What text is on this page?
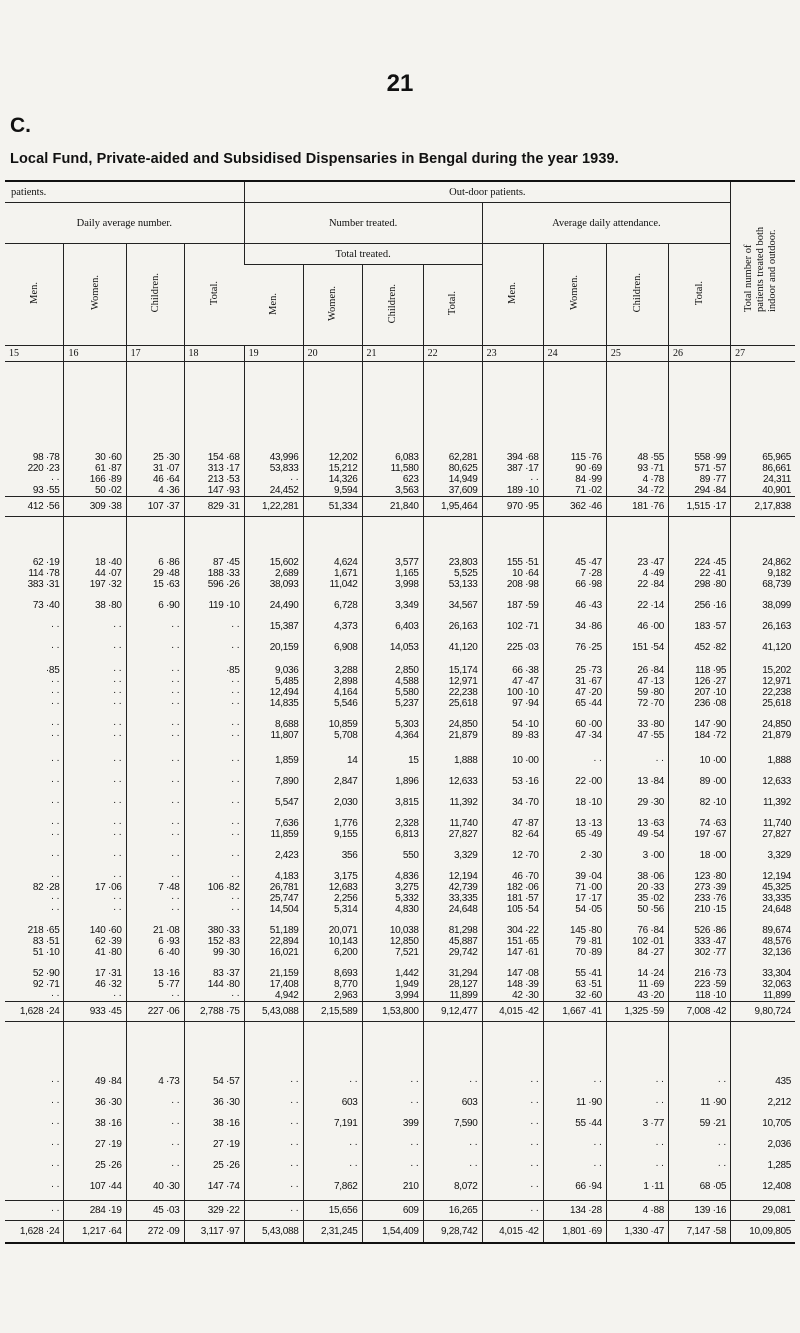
21
C.
Local Fund, Private-aided and Subsidised Dispensaries in Bengal during the year 1939.
patients.				Out-door patients.								Total number of patients treated both indoor and outdoor.
Daily average number.				Number treated.				Average daily attendance.				
Men.	Women.	Children.	Total.	Total treated.				Men.	Women.	Children.	Total.	
				Men.	Women.	Children.	Total.					
15	16	17	18	19	20	21	22	23	24	25	26	27

98 ·78	30 ·60	25 ·30	154 ·68	43,996	12,202	6,083	62,281	394 ·68	115 ·76	48 ·55	558 ·99	65,965
220 ·23	61 ·87	31 ·07	313 ·17	53,833	15,212	11,580	80,625	387 ·17	90 ·69	93 ·71	571 ·57	86,661
· ·	166 ·89	46 ·64	213 ·53	· ·	14,326	623	14,949	· ·	84 ·99	4 ·78	89 ·77	24,311
93 ·55	50 ·02	4 ·36	147 ·93	24,452	9,594	3,563	37,609	189 ·10	71 ·02	34 ·72	294 ·84	40,901
412 ·56	309 ·38	107 ·37	829 ·31	1,22,281	51,334	21,840	1,95,464	970 ·95	362 ·46	181 ·76	1,515 ·17	2,17,838

62 ·19	18 ·40	6 ·86	87 ·45	15,602	4,624	3,577	23,803	155 ·51	45 ·47	23 ·47	224 ·45	24,862
114 ·78	44 ·07	29 ·48	188 ·33	2,689	1,671	1,165	5,525	10 ·64	7 ·28	4 ·49	22 ·41	9,182
383 ·31	197 ·32	15 ·63	596 ·26	38,093	11,042	3,998	53,133	208 ·98	66 ·98	22 ·84	298 ·80	68,739

73 ·40	38 ·80	6 ·90	119 ·10	24,490	6,728	3,349	34,567	187 ·59	46 ·43	22 ·14	256 ·16	38,099

· ·	· ·	· ·	· ·	15,387	4,373	6,403	26,163	102 ·71	34 ·86	46 ·00	183 ·57	26,163

· ·	· ·	· ·	· ·	20,159	6,908	14,053	41,120	225 ·03	76 ·25	151 ·54	452 ·82	41,120

·85	· ·	· ·	·85	9,036	3,288	2,850	15,174	66 ·38	25 ·73	26 ·84	118 ·95	15,202
· ·	· ·	· ·	· ·	5,485	2,898	4,588	12,971	47 ·47	31 ·67	47 ·13	126 ·27	12,971
· ·	· ·	· ·	· ·	12,494	4,164	5,580	22,238	100 ·10	47 ·20	59 ·80	207 ·10	22,238
· ·	· ·	· ·	· ·	14,835	5,546	5,237	25,618	97 ·94	65 ·44	72 ·70	236 ·08	25,618

· ·	· ·	· ·	· ·	8,688	10,859	5,303	24,850	54 ·10	60 ·00	33 ·80	147 ·90	24,850
· ·	· ·	· ·	· ·	11,807	5,708	4,364	21,879	89 ·83	47 ·34	47 ·55	184 ·72	21,879

· ·	· ·	· ·	· ·	1,859	14	15	1,888	10 ·00	· ·	· ·	10 ·00	1,888

· ·	· ·	· ·	· ·	7,890	2,847	1,896	12,633	53 ·16	22 ·00	13 ·84	89 ·00	12,633

· ·	· ·	· ·	· ·	5,547	2,030	3,815	11,392	34 ·70	18 ·10	29 ·30	82 ·10	11,392

· ·	· ·	· ·	· ·	7,636	1,776	2,328	11,740	47 ·87	13 ·13	13 ·63	74 ·63	11,740
· ·	· ·	· ·	· ·	11,859	9,155	6,813	27,827	82 ·64	65 ·49	49 ·54	197 ·67	27,827

· ·	· ·	· ·	· ·	2,423	356	550	3,329	12 ·70	2 ·30	3 ·00	18 ·00	3,329

· ·	· ·	· ·	· ·	4,183	3,175	4,836	12,194	46 ·70	39 ·04	38 ·06	123 ·80	12,194
82 ·28	17 ·06	7 ·48	106 ·82	26,781	12,683	3,275	42,739	182 ·06	71 ·00	20 ·33	273 ·39	45,325
· ·	· ·	· ·	· ·	25,747	2,256	5,332	33,335	181 ·57	17 ·17	35 ·02	233 ·76	33,335
· ·	· ·	· ·	· ·	14,504	5,314	4,830	24,648	105 ·54	54 ·05	50 ·56	210 ·15	24,648

218 ·65	140 ·60	21 ·08	380 ·33	51,189	20,071	10,038	81,298	304 ·22	145 ·80	76 ·84	526 ·86	89,674
83 ·51	62 ·39	6 ·93	152 ·83	22,894	10,143	12,850	45,887	151 ·65	79 ·81	102 ·01	333 ·47	48,576
51 ·10	41 ·80	6 ·40	99 ·30	16,021	6,200	7,521	29,742	147 ·61	70 ·89	84 ·27	302 ·77	32,136

52 ·90	17 ·31	13 ·16	83 ·37	21,159	8,693	1,442	31,294	147 ·08	55 ·41	14 ·24	216 ·73	33,304
92 ·71	46 ·32	5 ·77	144 ·80	17,408	8,770	1,949	28,127	148 ·39	63 ·51	11 ·69	223 ·59	32,063
· ·	· ·	· ·	· ·	4,942	2,963	3,994	11,899	42 ·30	32 ·60	43 ·20	118 ·10	11,899
1,628 ·24	933 ·45	227 ·06	2,788 ·75	5,43,088	2,15,589	1,53,800	9,12,477	4,015 ·42	1,667 ·41	1,325 ·59	7,008 ·42	9,80,724

· ·	49 ·84	4 ·73	54 ·57	· ·	· ·	· ·	· ·	· ·	· ·	· ·	· ·	435

· ·	36 ·30	· ·	36 ·30	· ·	603	· ·	603	· ·	11 ·90	· ·	11 ·90	2,212

· ·	38 ·16	· ·	38 ·16	· ·	7,191	399	7,590	· ·	55 ·44	3 ·77	59 ·21	10,705

· ·	27 ·19	· ·	27 ·19	· ·	· ·	· ·	· ·	· ·	· ·	· ·	· ·	2,036

· ·	25 ·26	· ·	25 ·26	· ·	· ·	· ·	· ·	· ·	· ·	· ·	· ·	1,285

· ·	107 ·44	40 ·30	147 ·74	· ·	7,862	210	8,072	· ·	66 ·94	1 ·11	68 ·05	12,408

· ·	284 ·19	45 ·03	329 ·22	· ·	15,656	609	16,265	· ·	134 ·28	4 ·88	139 ·16	29,081
1,628 ·24	1,217 ·64	272 ·09	3,117 ·97	5,43,088	2,31,245	1,54,409	9,28,742	4,015 ·42	1,801 ·69	1,330 ·47	7,147 ·58	10,09,805
